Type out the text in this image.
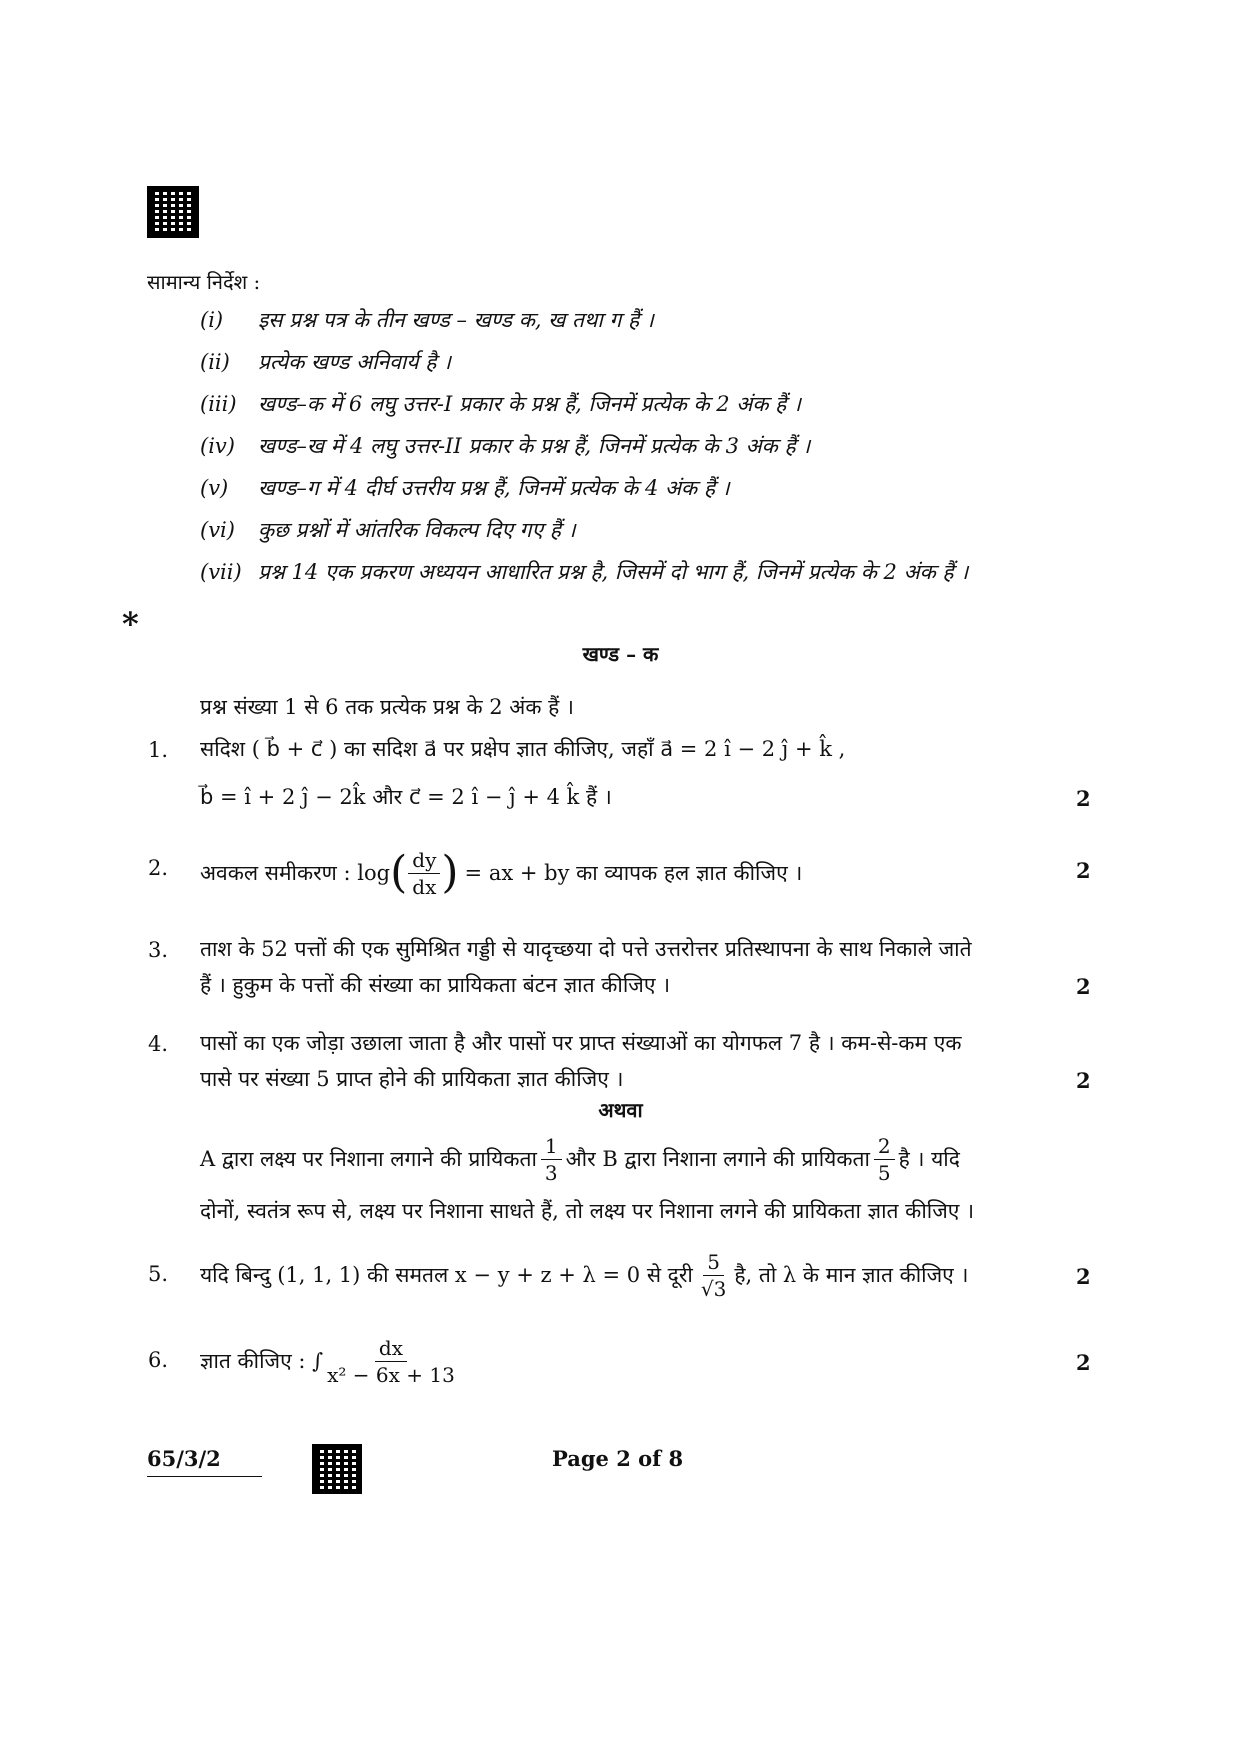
सामान्य निर्देश :
(i) इस प्रश्न पत्र के तीन खण्ड – खण्ड क, ख तथा ग हैं ।
(ii) प्रत्येक खण्ड अनिवार्य है ।
(iii) खण्ड–क में 6 लघु उत्तर-I प्रकार के प्रश्न हैं, जिनमें प्रत्येक के 2 अंक हैं ।
(iv) खण्ड–ख में 4 लघु उत्तर-II प्रकार के प्रश्न हैं, जिनमें प्रत्येक के 3 अंक हैं ।
(v) खण्ड–ग में 4 दीर्घ उत्तरीय प्रश्न हैं, जिनमें प्रत्येक के 4 अंक हैं ।
(vi) कुछ प्रश्नों में आंतरिक विकल्प दिए गए हैं ।
(vii) प्रश्न 14 एक प्रकरण अध्ययन आधारित प्रश्न है, जिसमें दो भाग हैं, जिनमें प्रत्येक के 2 अंक हैं ।
*
खण्ड – क
प्रश्न संख्या 1 से 6 तक प्रत्येक प्रश्न के 2 अंक हैं ।
1. सदिश ( b⃗ + c⃗ ) का सदिश a⃗ पर प्रक्षेप ज्ञात कीजिए, जहाँ a⃗ = 2 î − 2 ĵ + k̂ ,
b⃗ = î + 2 ĵ − 2k̂ और c⃗ = 2 î − ĵ + 4 k̂ हैं ।	2
2. अवकल समीकरण : log ( $\frac{dy}{dx}$ ) = ax + by का व्यापक हल ज्ञात कीजिए ।	2
3. ताश के 52 पत्तों की एक सुमिश्रित गड्डी से यादृच्छया दो पत्ते उत्तरोत्तर प्रतिस्थापना के साथ निकाले जाते
हैं । हुकुम के पत्तों की संख्या का प्रायिकता बंटन ज्ञात कीजिए ।	2
4. पासों का एक जोड़ा उछाला जाता है और पासों पर प्राप्त संख्याओं का योगफल 7 है । कम-से-कम एक
पासे पर संख्या 5 प्राप्त होने की प्रायिकता ज्ञात कीजिए ।	2
अथवा
A द्वारा लक्ष्य पर निशाना लगाने की प्रायिकता $\frac{1}{3}$ और B द्वारा निशाना लगाने की प्रायिकता $\frac{2}{5}$ है । यदि
दोनों, स्वतंत्र रूप से, लक्ष्य पर निशाना साधते हैं, तो लक्ष्य पर निशाना लगने की प्रायिकता ज्ञात कीजिए ।
5. यदि बिन्दु (1, 1, 1) की समतल x − y + z + λ = 0 से दूरी $\frac{5}{√3}$ है, तो λ के मान ज्ञात कीजिए ।	2
6. ज्ञात कीजिए : ∫ $\frac{dx}{\text{x² − 6x + 13}}$	2
65/3/2	Page 2 of 8
